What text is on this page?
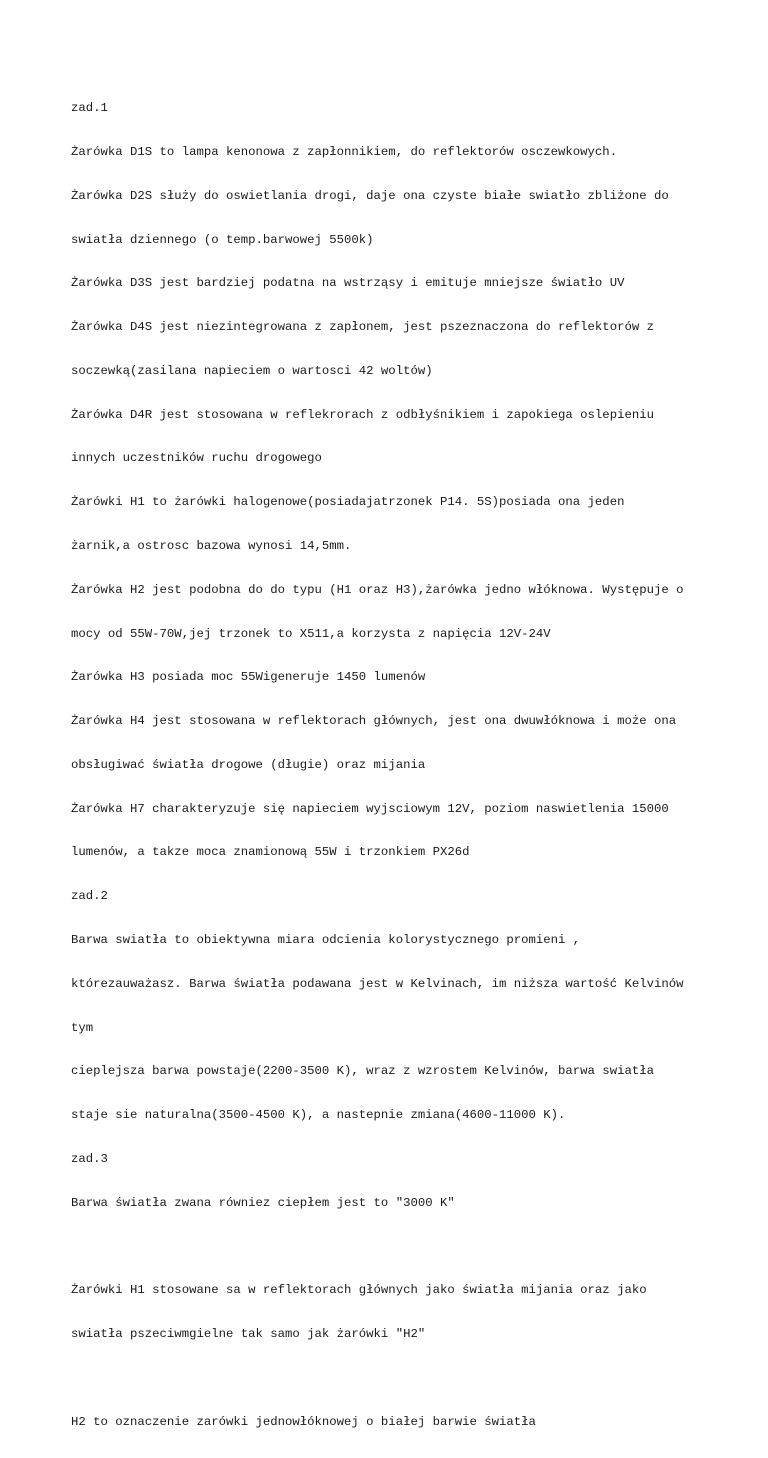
zad.1

Żarówka D1S to lampa kenonowa z zapłonnikiem, do reflektorów osczewkowych.

Żarówka D2S służy do oswietlania drogi, daje ona czyste białe swiatło zbliżone do

swiatła dziennego (o temp.barwowej 5500k)

Żarówka D3S jest bardziej podatna na wstrząsy i emituje mniejsze światło UV

Żarówka D4S jest niezintegrowana z zapłonem, jest pszeznaczona do reflektorów z

soczewką(zasilana napieciem o wartosci 42 woltów)

Żarówka D4R jest stosowana w reflekrorach z odbłyśnikiem i zapokiega oslepieniu

innych uczestników ruchu drogowego

Żarówki H1 to żarówki halogenowe(posiadajatrzonek P14. 5S)posiada ona jeden

żarnik,a ostrosc bazowa wynosi 14,5mm.

Żarówka H2 jest podobna do do typu (H1 oraz H3),żarówka jedno włóknowa. Występuje o

mocy od 55W-70W,jej trzonek to X511,a korzysta z napięcia 12V-24V

Żarówka H3 posiada moc 55Wigeneruje 1450 lumenów

Żarówka H4 jest stosowana w reflektorach głównych, jest ona dwuwłóknowa i może ona

obsługiwać światła drogowe (długie) oraz mijania

Żarówka H7 charakteryzuje się napieciem wyjsciowym 12V, poziom naswietlenia 15000

lumenów, a takze moca znamionową 55W i trzonkiem PX26d

zad.2

Barwa swiatła to obiektywna miara odcienia kolorystycznego promieni ,

którezauważasz. Barwa światła podawana jest w Kelvinach, im niższa wartość Kelvinów

tym

cieplejsza barwa powstaje(2200-3500 K), wraz z wzrostem Kelvinów, barwa swiatła

staje sie naturalna(3500-4500 K), a nastepnie zmiana(4600-11000 K).

zad.3

Barwa światła zwana równiez ciepłem jest to "3000 K"

Żarówki H1 stosowane sa w reflektorach głównych jako światła mijania oraz jako

swiatła pszeciwmgielne tak samo jak żarówki "H2"

H2 to oznaczenie zarówki jednowłóknowej o białej barwie światła
